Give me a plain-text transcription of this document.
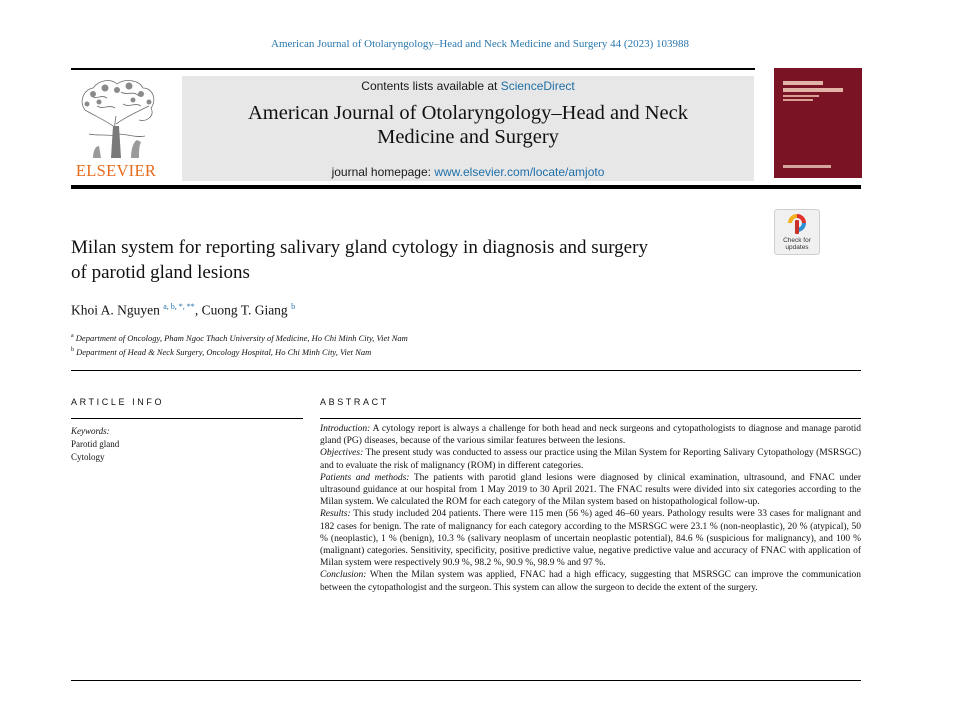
American Journal of Otolaryngology–Head and Neck Medicine and Surgery 44 (2023) 103988
ELSEVIER
Contents lists available at ScienceDirect
American Journal of Otolaryngology–Head and Neck
Medicine and Surgery
journal homepage: www.elsevier.com/locate/amjoto
Check for
updates
Milan system for reporting salivary gland cytology in diagnosis and surgery
of parotid gland lesions
Khoi A. Nguyen $^{a, b, *, **}$, Cuong T. Giang $^b$
$^a$ Department of Oncology, Pham Ngoc Thach University of Medicine, Ho Chi Minh City, Viet Nam
$^b$ Department of Head & Neck Surgery, Oncology Hospital, Ho Chi Minh City, Viet Nam
ARTICLE INFO
Keywords:
Parotid gland
Cytology
ABSTRACT

Introduction: A cytology report is always a challenge for both head and neck surgeons and cytopathologists to diagnose and manage parotid gland (PG) diseases, because of the various similar features between the lesions.

Objectives: The present study was conducted to assess our practice using the Milan System for Reporting Salivary Cytopathology (MSRSGC) and to evaluate the risk of malignancy (ROM) in different categories.

Patients and methods: The patients with parotid gland lesions were diagnosed by clinical examination, ultrasound, and FNAC under ultrasound guidance at our hospital from 1 May 2019 to 30 April 2021. The FNAC results were divided into six categories according to the Milan system. We calculated the ROM for each category of the Milan system based on histopathological follow-up.

Results: This study included 204 patients. There were 115 men (56 %) aged 46–60 years. Pathology results were 33 cases for malignant and 182 cases for benign. The rate of malignancy for each category according to the MSRSGC were 23.1 % (non-neoplastic), 20 % (atypical), 50 % (neoplastic), 1 % (benign), 10.3 % (salivary neoplasm of uncertain neoplastic potential), 84.6 % (suspicious for malignancy), and 100 % (malignant) categories. Sensitivity, specificity, positive predictive value, negative predictive value and accuracy of FNAC with application of Milan system were respectively 90.9 %, 98.2 %, 90.9 %, 98.9 % and 97 %.

Conclusion: When the Milan system was applied, FNAC had a high efficacy, suggesting that MSRSGC can improve the communication between the cytopathologist and the surgeon. This system can allow the surgeon to decide the extent of the surgery.
